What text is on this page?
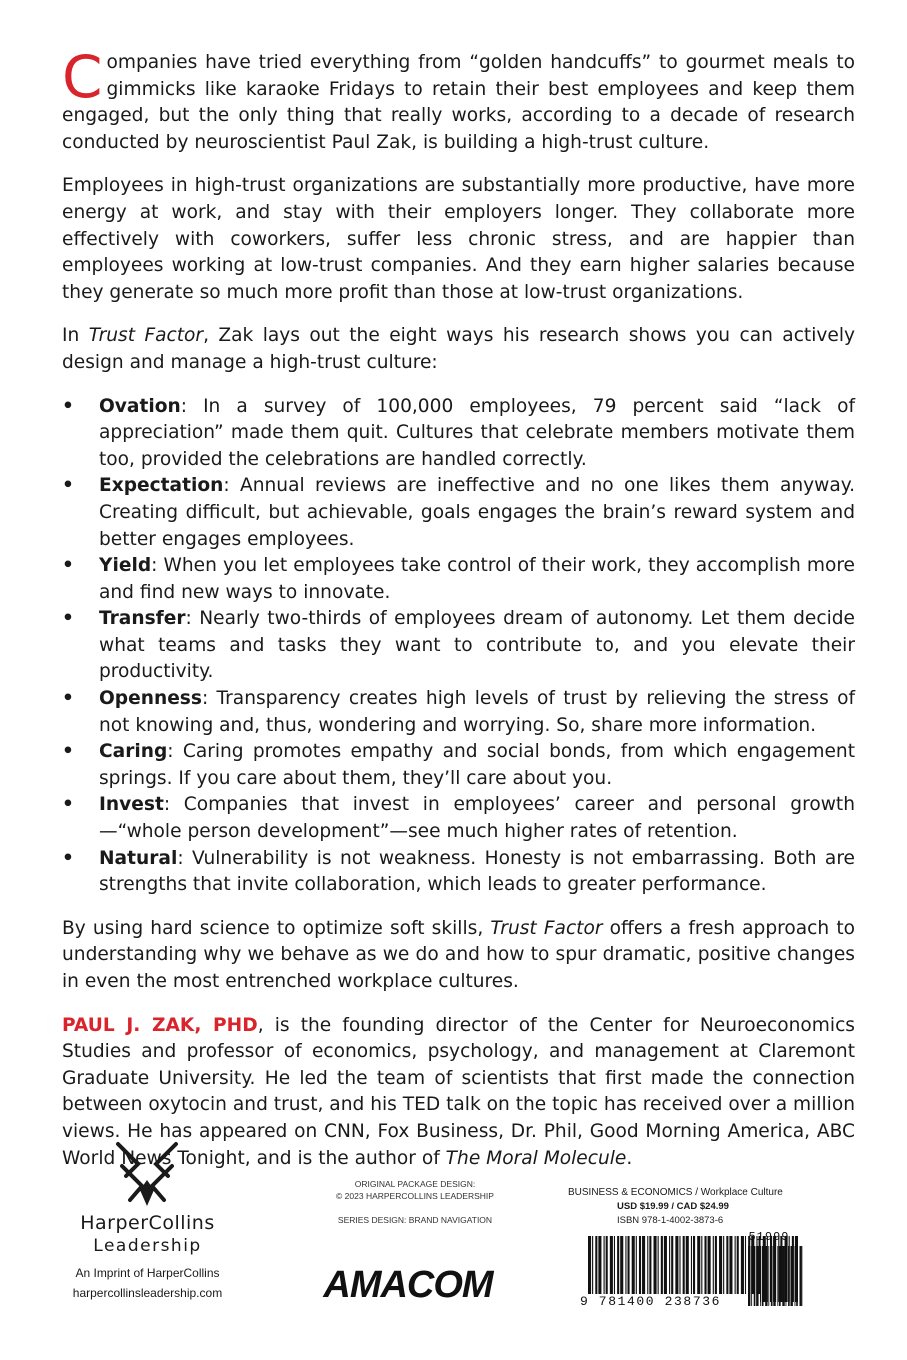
Companies have tried everything from “golden handcuffs” to gourmet meals to gimmicks like karaoke Fridays to retain their best employees and keep them engaged, but the only thing that really works, according to a decade of research conducted by neuroscientist Paul Zak, is building a high-trust culture.

Employees in high-trust organizations are substantially more productive, have more energy at work, and stay with their employers longer. They collaborate more effectively with coworkers, suffer less chronic stress, and are happier than employees working at low-trust companies. And they earn higher salaries because they generate so much more profit than those at low-trust organizations.

In Trust Factor, Zak lays out the eight ways his research shows you can actively design and manage a high-trust culture:

• Ovation: In a survey of 100,000 employees, 79 percent said “lack of appreciation” made them quit. Cultures that celebrate members motivate them too, provided the celebrations are handled correctly.
• Expectation: Annual reviews are ineffective and no one likes them anyway. Creating difficult, but achievable, goals engages the brain’s reward system and better engages employees.
• Yield: When you let employees take control of their work, they accomplish more and find new ways to innovate.
• Transfer: Nearly two-thirds of employees dream of autonomy. Let them decide what teams and tasks they want to contribute to, and you elevate their productivity.
• Openness: Transparency creates high levels of trust by relieving the stress of not knowing and, thus, wondering and worrying. So, share more information.
• Caring: Caring promotes empathy and social bonds, from which engagement springs. If you care about them, they’ll care about you.
• Invest: Companies that invest in employees’ career and personal growth—“whole person development”—see much higher rates of retention.
• Natural: Vulnerability is not weakness. Honesty is not embarrassing. Both are strengths that invite collaboration, which leads to greater performance.

By using hard science to optimize soft skills, Trust Factor offers a fresh approach to understanding why we behave as we do and how to spur dramatic, positive changes in even the most entrenched workplace cultures.

PAUL J. ZAK, PHD, is the founding director of the Center for Neuroeconomics Studies and professor of economics, psychology, and management at Claremont Graduate University. He led the team of scientists that first made the connection between oxytocin and trust, and his TED talk on the topic has received over a million views. He has appeared on CNN, Fox Business, Dr. Phil, Good Morning America, ABC World News Tonight, and is the author of The Moral Molecule.

HarperCollins
Leadership
An Imprint of HarperCollins
harpercollinsleadership.com
ORIGINAL PACKAGE DESIGN:
© 2023 HARPERCOLLINS LEADERSHIP
SERIES DESIGN: BRAND NAVIGATION
AMACOM
BUSINESS & ECONOMICS / Workplace Culture
USD $19.99 / CAD $24.99
ISBN 978-1-4002-3873-6
9 781400 238736
51999
